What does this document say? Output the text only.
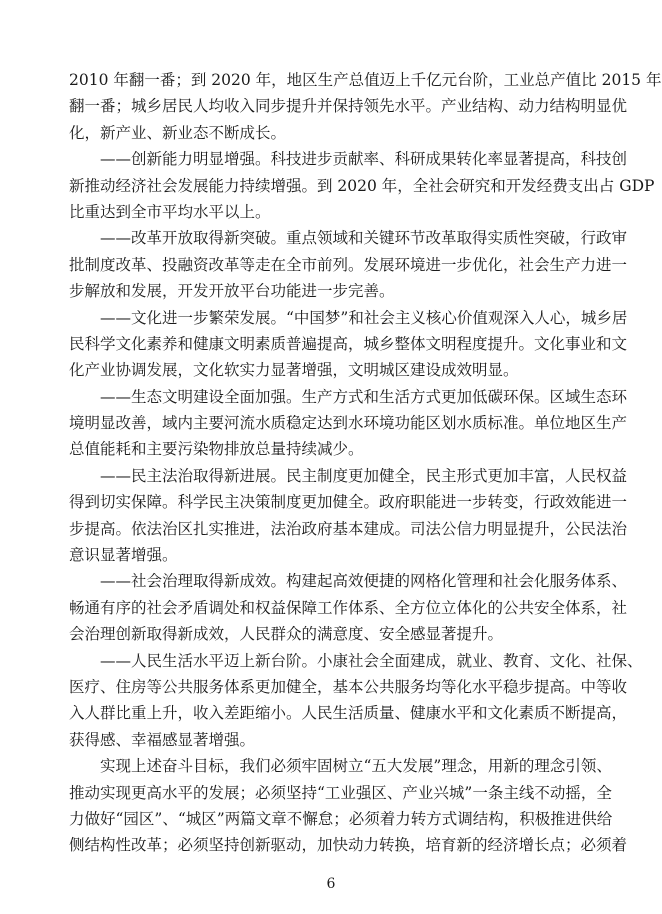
2010 年翻一番；到 2020 年，地区生产总值迈上千亿元台阶，工业总产值比 2015 年
翻一番；城乡居民人均收入同步提升并保持领先水平。产业结构、动力结构明显优
化，新产业、新业态不断成长。
——创新能力明显增强。科技进步贡献率、科研成果转化率显著提高，科技创
新推动经济社会发展能力持续增强。到 2020 年，全社会研究和开发经费支出占 GDP
比重达到全市平均水平以上。
——改革开放取得新突破。重点领域和关键环节改革取得实质性突破，行政审
批制度改革、投融资改革等走在全市前列。发展环境进一步优化，社会生产力进一
步解放和发展，开发开放平台功能进一步完善。
——文化进一步繁荣发展。“中国梦”和社会主义核心价值观深入人心，城乡居
民科学文化素养和健康文明素质普遍提高，城乡整体文明程度提升。文化事业和文
化产业协调发展，文化软实力显著增强，文明城区建设成效明显。
——生态文明建设全面加强。生产方式和生活方式更加低碳环保。区域生态环
境明显改善，域内主要河流水质稳定达到水环境功能区划水质标准。单位地区生产
总值能耗和主要污染物排放总量持续减少。
——民主法治取得新进展。民主制度更加健全，民主形式更加丰富，人民权益
得到切实保障。科学民主决策制度更加健全。政府职能进一步转变，行政效能进一
步提高。依法治区扎实推进，法治政府基本建成。司法公信力明显提升，公民法治
意识显著增强。
——社会治理取得新成效。构建起高效便捷的网格化管理和社会化服务体系、
畅通有序的社会矛盾调处和权益保障工作体系、全方位立体化的公共安全体系，社
会治理创新取得新成效，人民群众的满意度、安全感显著提升。
——人民生活水平迈上新台阶。小康社会全面建成，就业、教育、文化、社保、
医疗、住房等公共服务体系更加健全，基本公共服务均等化水平稳步提高。中等收
入人群比重上升，收入差距缩小。人民生活质量、健康水平和文化素质不断提高，
获得感、幸福感显著增强。
实现上述奋斗目标，我们必须牢固树立“五大发展”理念，用新的理念引领、
推动实现更高水平的发展；必须坚持“工业强区、产业兴城”一条主线不动摇，全
力做好“园区”、“城区”两篇文章不懈怠；必须着力转方式调结构，积极推进供给
侧结构性改革；必须坚持创新驱动，加快动力转换，培育新的经济增长点；必须着
6
